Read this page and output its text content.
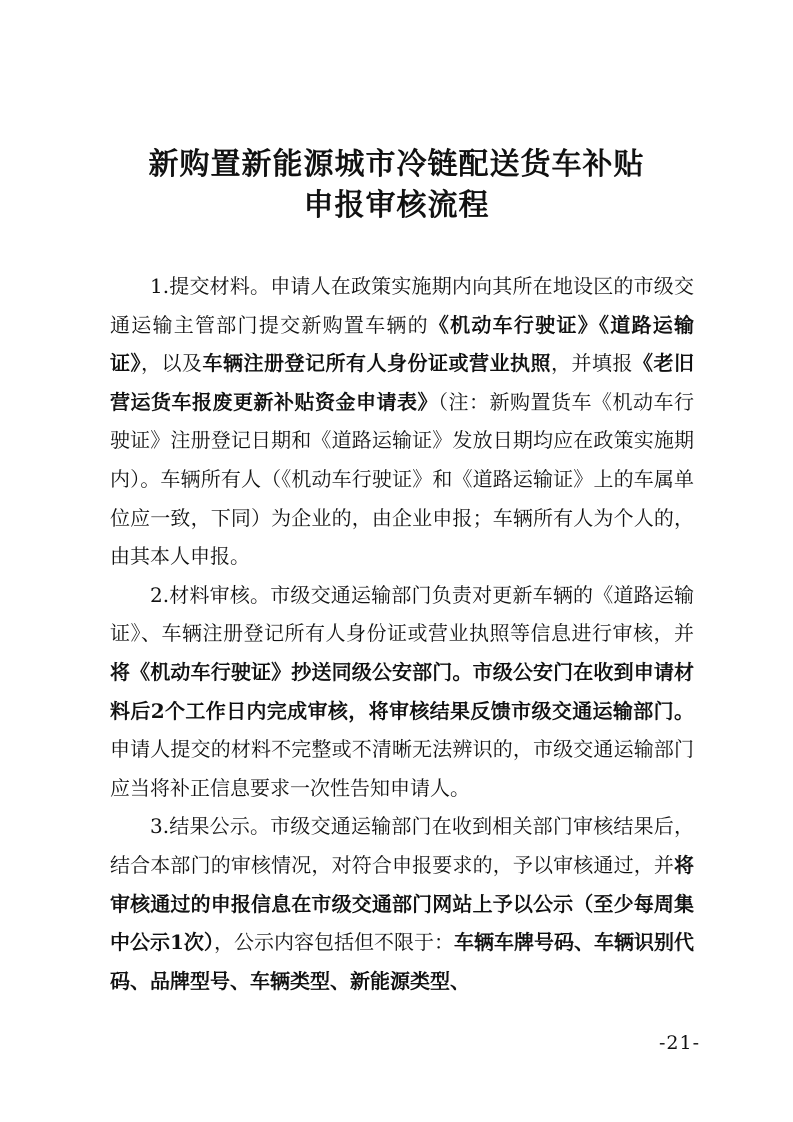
新购置新能源城市冷链配送货车补贴
申报审核流程

1.提交材料。申请人在政策实施期内向其所在地设区的市级交通运输主管部门提交新购置车辆的《机动车行驶证》《道路运输证》，以及车辆注册登记所有人身份证或营业执照，并填报《老旧营运货车报废更新补贴资金申请表》（注：新购置货车《机动车行驶证》注册登记日期和《道路运输证》发放日期均应在政策实施期内）。车辆所有人（《机动车行驶证》和《道路运输证》上的车属单位应一致，下同）为企业的，由企业申报；车辆所有人为个人的，由其本人申报。

2.材料审核。市级交通运输部门负责对更新车辆的《道路运输证》、车辆注册登记所有人身份证或营业执照等信息进行审核，并将《机动车行驶证》抄送同级公安部门。市级公安门在收到申请材料后2个工作日内完成审核，将审核结果反馈市级交通运输部门。申请人提交的材料不完整或不清晰无法辨识的，市级交通运输部门应当将补正信息要求一次性告知申请人。

3.结果公示。市级交通运输部门在收到相关部门审核结果后，结合本部门的审核情况，对符合申报要求的，予以审核通过，并将审核通过的申报信息在市级交通部门网站上予以公示（至少每周集中公示1次），公示内容包括但不限于：车辆车牌号码、车辆识别代码、品牌型号、车辆类型、新能源类型、

-21-
